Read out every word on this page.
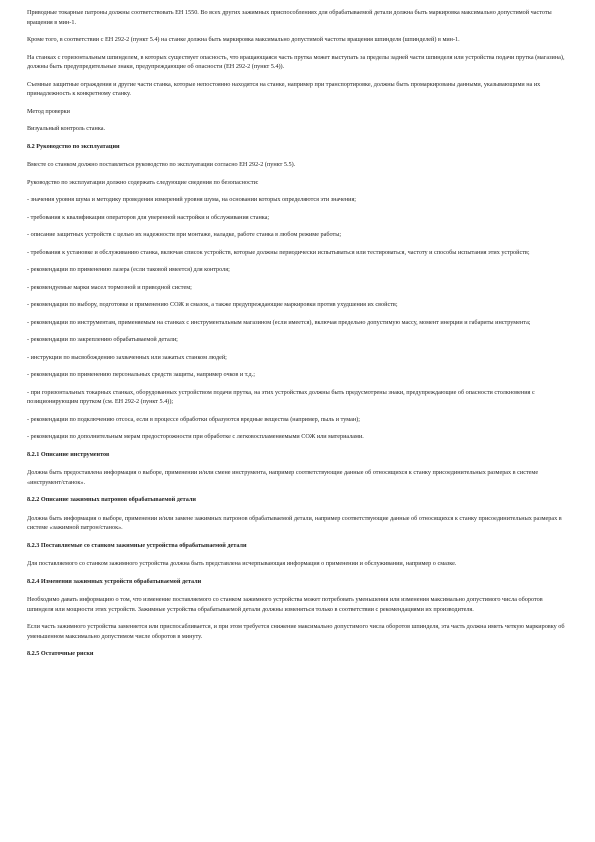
Приводные токарные патроны должны соответствовать ЕН 1550. Во всех других зажимных приспособлениях для обрабатываемой детали должна быть маркировка максимально допустимой частоты вращения в мин-1.

Кроме того, в соответствии с ЕН 292-2 (пункт 5.4) на станке должна быть маркировка максимально допустимой частоты вращения шпинделя (шпинделей) в мин-1.

На станках с горизонтальным шпинделем, в которых существует опасность, что вращающаяся часть прутка может выступать за пределы задней части шпинделя или устройства подачи прутка (магазина), должны быть предупредительные знаки, предупреждающие об опасности (ЕН 292-2 (пункт 5.4)).

Съемные защитные ограждения и другие части станка, которые непостоянно находятся на станке, например при транспортировке, должны быть промаркированы данными, указывающими на их принадлежность к конкретному станку.

Метод проверки

Визуальный контроль станка.

8.2 Руководство по эксплуатации

Вместе со станком должно поставляться руководство по эксплуатации согласно ЕН 292-2 (пункт 5.5).

Руководство по эксплуатации должно содержать следующие сведения по безопасности:

- значения уровня шума и методику проведения измерений уровня шума, на основании которых определяются эти значения;

- требования к квалификации операторов для уверенной настройки и обслуживания станка;

- описание защитных устройств с целью их надежности при монтаже, наладке, работе станка в любом режиме работы;

- требования к установке и обслуживанию станка, включая список устройств, которые должны периодически испытываться или тестироваться, частоту и способы испытания этих устройств;

- рекомендации по применению лазера (если таковой имеется) для контроля;

- рекомендуемые марки масел тормозной и приводной систем;

- рекомендации по выбору, подготовке и применению СОЖ и смазок, а также предупреждающие маркировки против ухудшения их свойств;

- рекомендации по инструментам, применяемым на станках с инструментальным магазином (если имеется), включая предельно допустимую массу, момент инерции и габариты инструмента;

- рекомендации по закреплению обрабатываемой детали;

- инструкции по высвобождению захваченных или зажатых станком людей;

- рекомендации по применению персональных средств защиты, например очков и т.д.;

- при горизонтальных токарных станках, оборудованных устройством подачи прутка, на этих устройствах должны быть предусмотрены знаки, предупреждающие об опасности столкновения с позиционирующим прутком (см. ЕН 292-2 (пункт 5.4));

- рекомендации по подключению отсоса, если в процессе обработки образуются вредные вещества (например, пыль и туман);

- рекомендации по дополнительным мерам предосторожности при обработке с легковоспламеняемыми СОЖ или материалами.

8.2.1 Описание инструментов

Должна быть предоставлена информация о выборе, применении и/или смене инструмента, например соответствующие данные об относящихся к станку присоединительных размерах в системе «инструмент/станок».

8.2.2 Описание зажимных патронов обрабатываемой детали

Должна быть информация о выборе, применении и/или замене зажимных патронов обрабатываемой детали, например соответствующие данные об относящихся к станку присоединительных размерах в системе «зажимной патрон/станок».

8.2.3 Поставляемые со станком зажимные устройства обрабатываемой детали

Для поставляемого со станком зажимного устройства должна быть представлена исчерпывающая информация о применении и обслуживании, например о смазке.

8.2.4 Изменения зажимных устройств обрабатываемой детали

Необходимо давать информацию о том, что изменение поставляемого со станком зажимного устройства может потребовать уменьшения или изменения максимально допустимого числа оборотов шпинделя или мощности этих устройств. Зажимные устройства обрабатываемой детали должны изменяться только в соответствии с рекомендациями их производителя.

Если часть зажимного устройства заменяется или приспосабливается, и при этом требуется снижение максимально допустимого числа оборотов шпинделя, эта часть должна иметь четкую маркировку об уменьшенном максимально допустимом числе оборотов в минуту.

8.2.5 Остаточные риски
